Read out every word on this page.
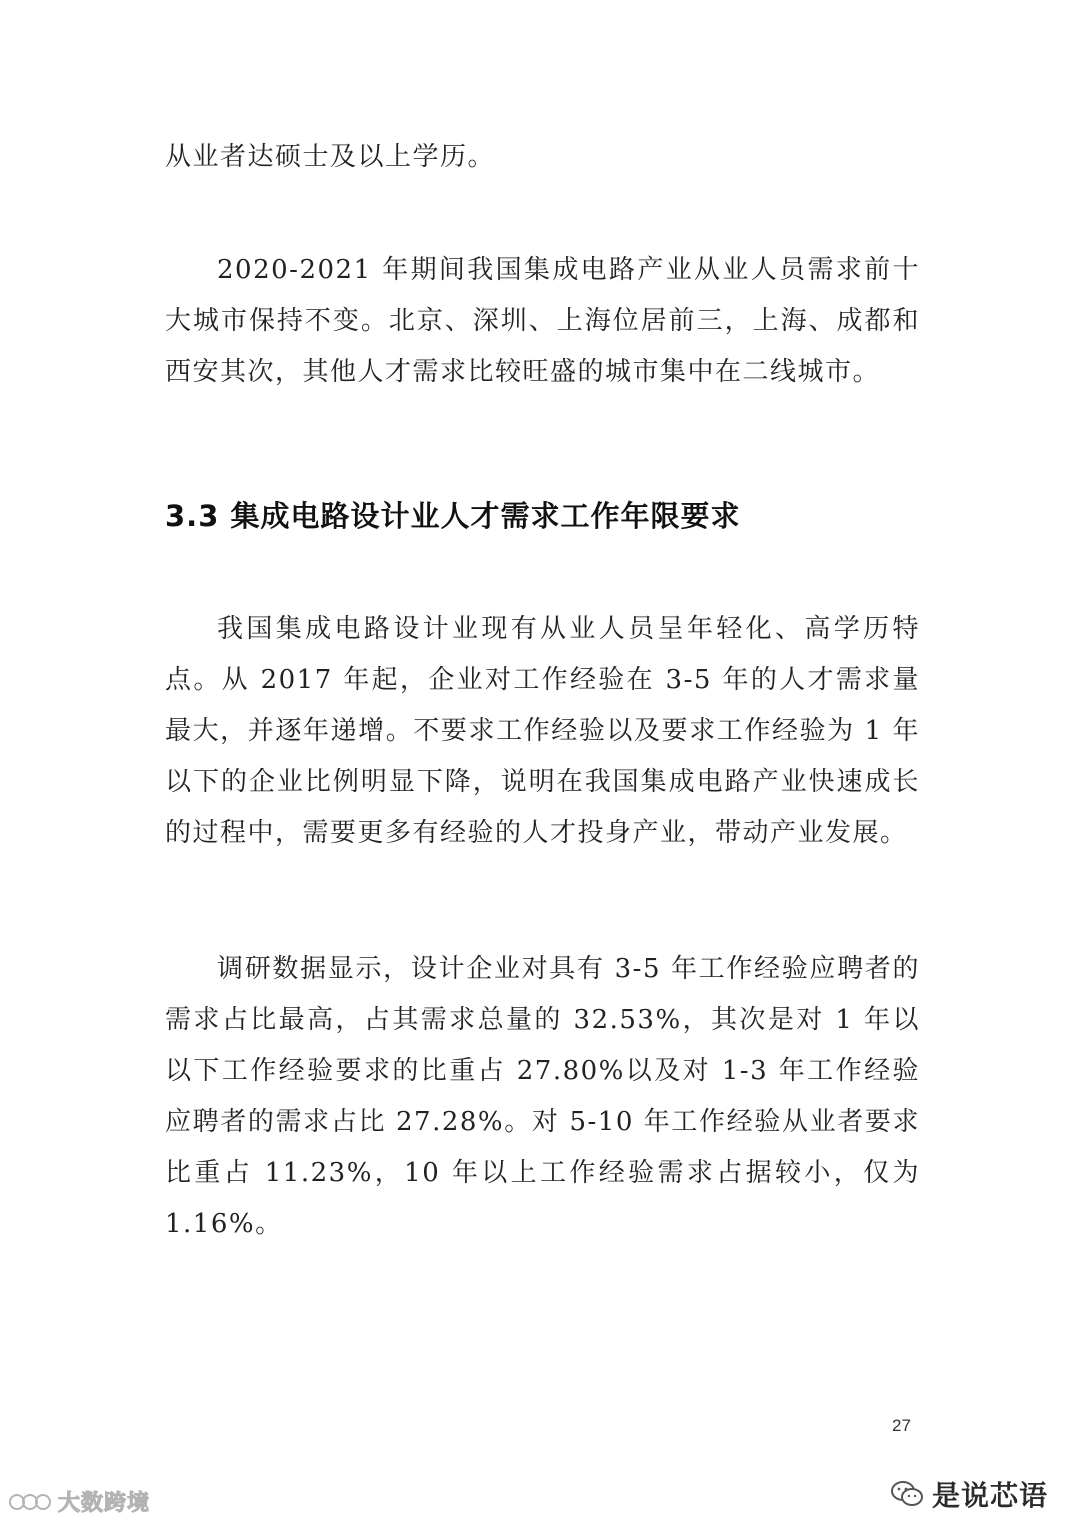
从业者达硕士及以上学历。

2020-2021 年期间我国集成电路产业从业人员需求前十大城市保持不变。北京、深圳、上海位居前三，上海、成都和西安其次，其他人才需求比较旺盛的城市集中在二线城市。

3.3 集成电路设计业人才需求工作年限要求

我国集成电路设计业现有从业人员呈年轻化、高学历特点。从 2017 年起，企业对工作经验在 3-5 年的人才需求量最大，并逐年递增。不要求工作经验以及要求工作经验为 1 年以下的企业比例明显下降，说明在我国集成电路产业快速成长的过程中，需要更多有经验的人才投身产业，带动产业发展。

调研数据显示，设计企业对具有 3-5 年工作经验应聘者的需求占比最高，占其需求总量的 32.53%，其次是对 1 年以以下工作经验要求的比重占 27.80%以及对 1-3 年工作经验应聘者的需求占比 27.28%。对 5-10 年工作经验从业者要求比重占 11.23%，10 年以上工作经验需求占据较小，仅为 1.16%。

27
大数跨境	是说芯语
